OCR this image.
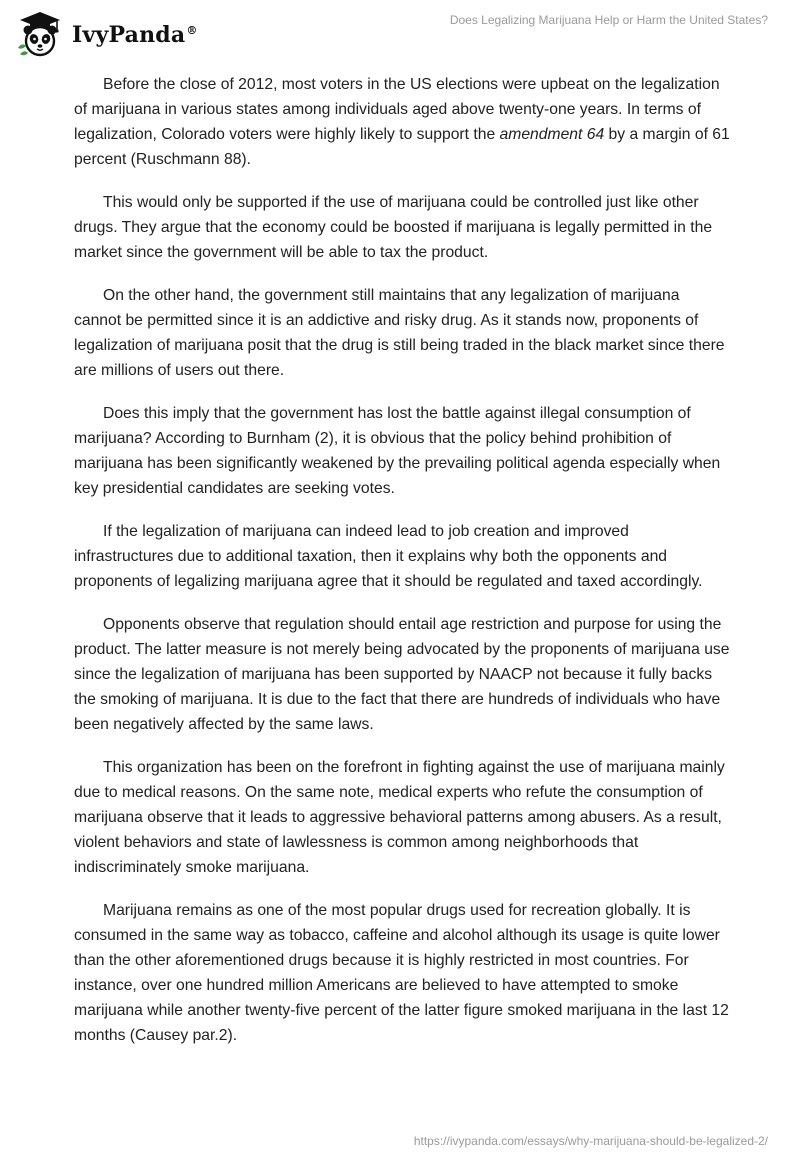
IvyPanda®
Does Legalizing Marijuana Help or Harm the United States?

Before the close of 2012, most voters in the US elections were upbeat on the legalization of marijuana in various states among individuals aged above twenty-one years. In terms of legalization, Colorado voters were highly likely to support the amendment 64 by a margin of 61 percent (Ruschmann 88).

This would only be supported if the use of marijuana could be controlled just like other drugs. They argue that the economy could be boosted if marijuana is legally permitted in the market since the government will be able to tax the product.

On the other hand, the government still maintains that any legalization of marijuana cannot be permitted since it is an addictive and risky drug. As it stands now, proponents of legalization of marijuana posit that the drug is still being traded in the black market since there are millions of users out there.

Does this imply that the government has lost the battle against illegal consumption of marijuana? According to Burnham (2), it is obvious that the policy behind prohibition of marijuana has been significantly weakened by the prevailing political agenda especially when key presidential candidates are seeking votes.

If the legalization of marijuana can indeed lead to job creation and improved infrastructures due to additional taxation, then it explains why both the opponents and proponents of legalizing marijuana agree that it should be regulated and taxed accordingly.

Opponents observe that regulation should entail age restriction and purpose for using the product. The latter measure is not merely being advocated by the proponents of marijuana use since the legalization of marijuana has been supported by NAACP not because it fully backs the smoking of marijuana. It is due to the fact that there are hundreds of individuals who have been negatively affected by the same laws.

This organization has been on the forefront in fighting against the use of marijuana mainly due to medical reasons. On the same note, medical experts who refute the consumption of marijuana observe that it leads to aggressive behavioral patterns among abusers. As a result, violent behaviors and state of lawlessness is common among neighborhoods that indiscriminately smoke marijuana.

Marijuana remains as one of the most popular drugs used for recreation globally. It is consumed in the same way as tobacco, caffeine and alcohol although its usage is quite lower than the other aforementioned drugs because it is highly restricted in most countries. For instance, over one hundred million Americans are believed to have attempted to smoke marijuana while another twenty-five percent of the latter figure smoked marijuana in the last 12 months (Causey par.2).

https://ivypanda.com/essays/why-marijuana-should-be-legalized-2/
